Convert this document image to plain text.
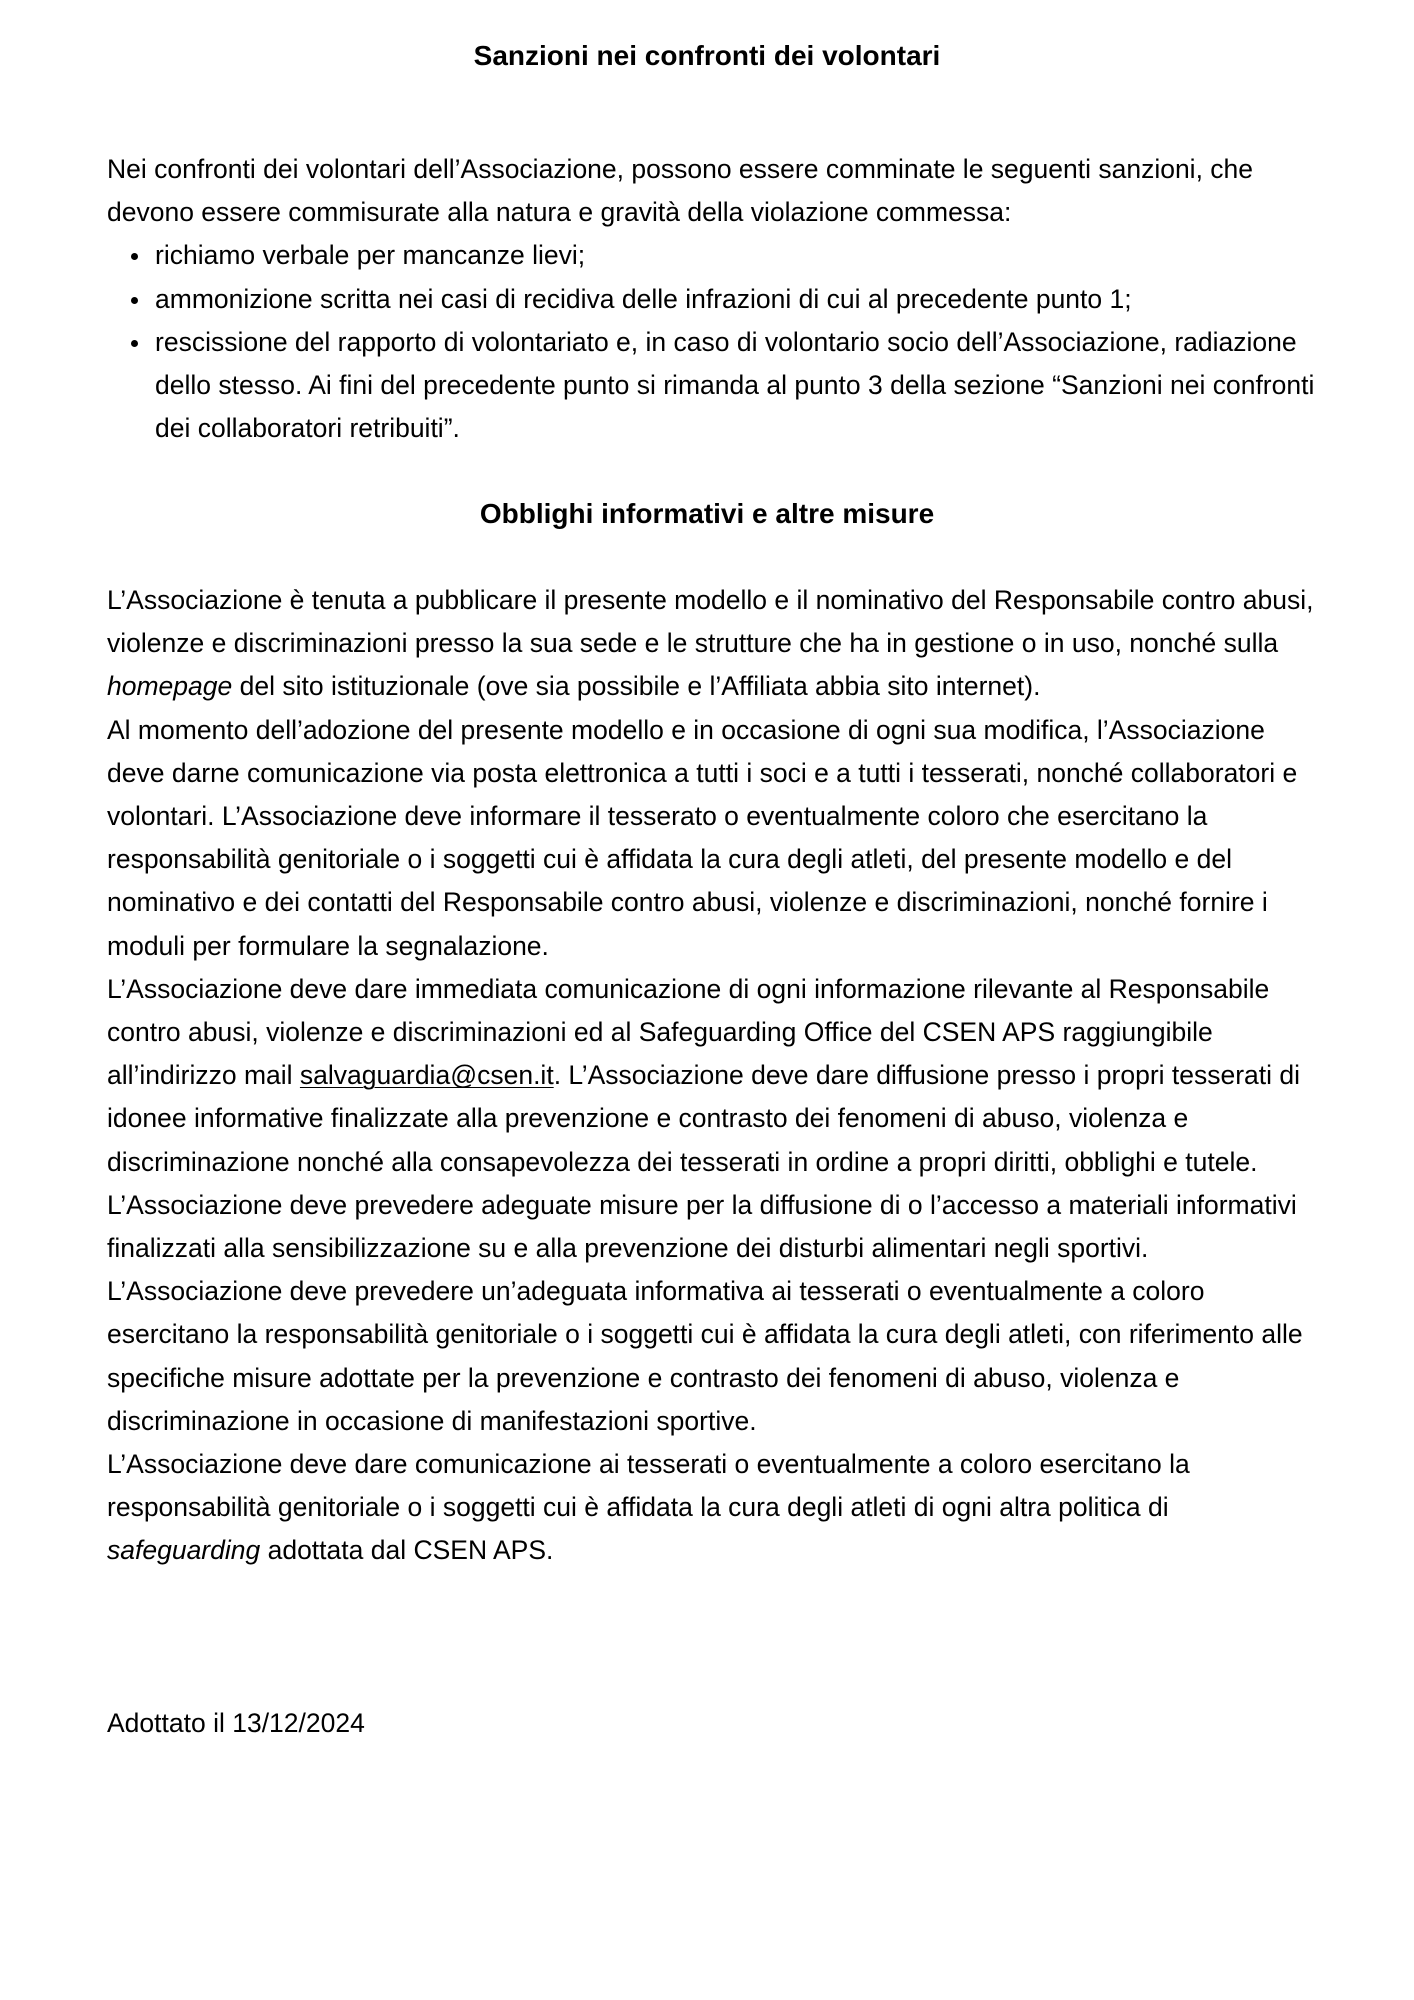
Sanzioni nei confronti dei volontari

Nei confronti dei volontari dell’Associazione, possono essere comminate le seguenti sanzioni, che devono essere commisurate alla natura e gravità della violazione commessa:

richiamo verbale per mancanze lievi;
ammonizione scritta nei casi di recidiva delle infrazioni di cui al precedente punto 1;
rescissione del rapporto di volontariato e, in caso di volontario socio dell’Associazione, radiazione dello stesso. Ai fini del precedente punto si rimanda al punto 3 della sezione “Sanzioni nei confronti dei collaboratori retribuiti”.
Obblighi informativi e altre misure

L’Associazione è tenuta a pubblicare il presente modello e il nominativo del Responsabile contro abusi, violenze e discriminazioni presso la sua sede e le strutture che ha in gestione o in uso, nonché sulla homepage del sito istituzionale (ove sia possibile e l’Affiliata abbia sito internet).

Al momento dell’adozione del presente modello e in occasione di ogni sua modifica, l’Associazione deve darne comunicazione via posta elettronica a tutti i soci e a tutti i tesserati, nonché collaboratori e volontari. L’Associazione deve informare il tesserato o eventualmente coloro che esercitano la responsabilità genitoriale o i soggetti cui è affidata la cura degli atleti, del presente modello e del nominativo e dei contatti del Responsabile contro abusi, violenze e discriminazioni, nonché fornire i moduli per formulare la segnalazione.

L’Associazione deve dare immediata comunicazione di ogni informazione rilevante al Responsabile contro abusi, violenze e discriminazioni ed al Safeguarding Office del CSEN APS raggiungibile all’indirizzo mail salvaguardia@csen.it. L’Associazione deve dare diffusione presso i propri tesserati di idonee informative finalizzate alla prevenzione e contrasto dei fenomeni di abuso, violenza e discriminazione nonché alla consapevolezza dei tesserati in ordine a propri diritti, obblighi e tutele.

L’Associazione deve prevedere adeguate misure per la diffusione di o l’accesso a materiali informativi finalizzati alla sensibilizzazione su e alla prevenzione dei disturbi alimentari negli sportivi. L’Associazione deve prevedere un’adeguata informativa ai tesserati o eventualmente a coloro esercitano la responsabilità genitoriale o i soggetti cui è affidata la cura degli atleti, con riferimento alle specifiche misure adottate per la prevenzione e contrasto dei fenomeni di abuso, violenza e discriminazione in occasione di manifestazioni sportive.

L’Associazione deve dare comunicazione ai tesserati o eventualmente a coloro esercitano la responsabilità genitoriale o i soggetti cui è affidata la cura degli atleti di ogni altra politica di safeguarding adottata dal CSEN APS.

Adottato il 13/12/2024
